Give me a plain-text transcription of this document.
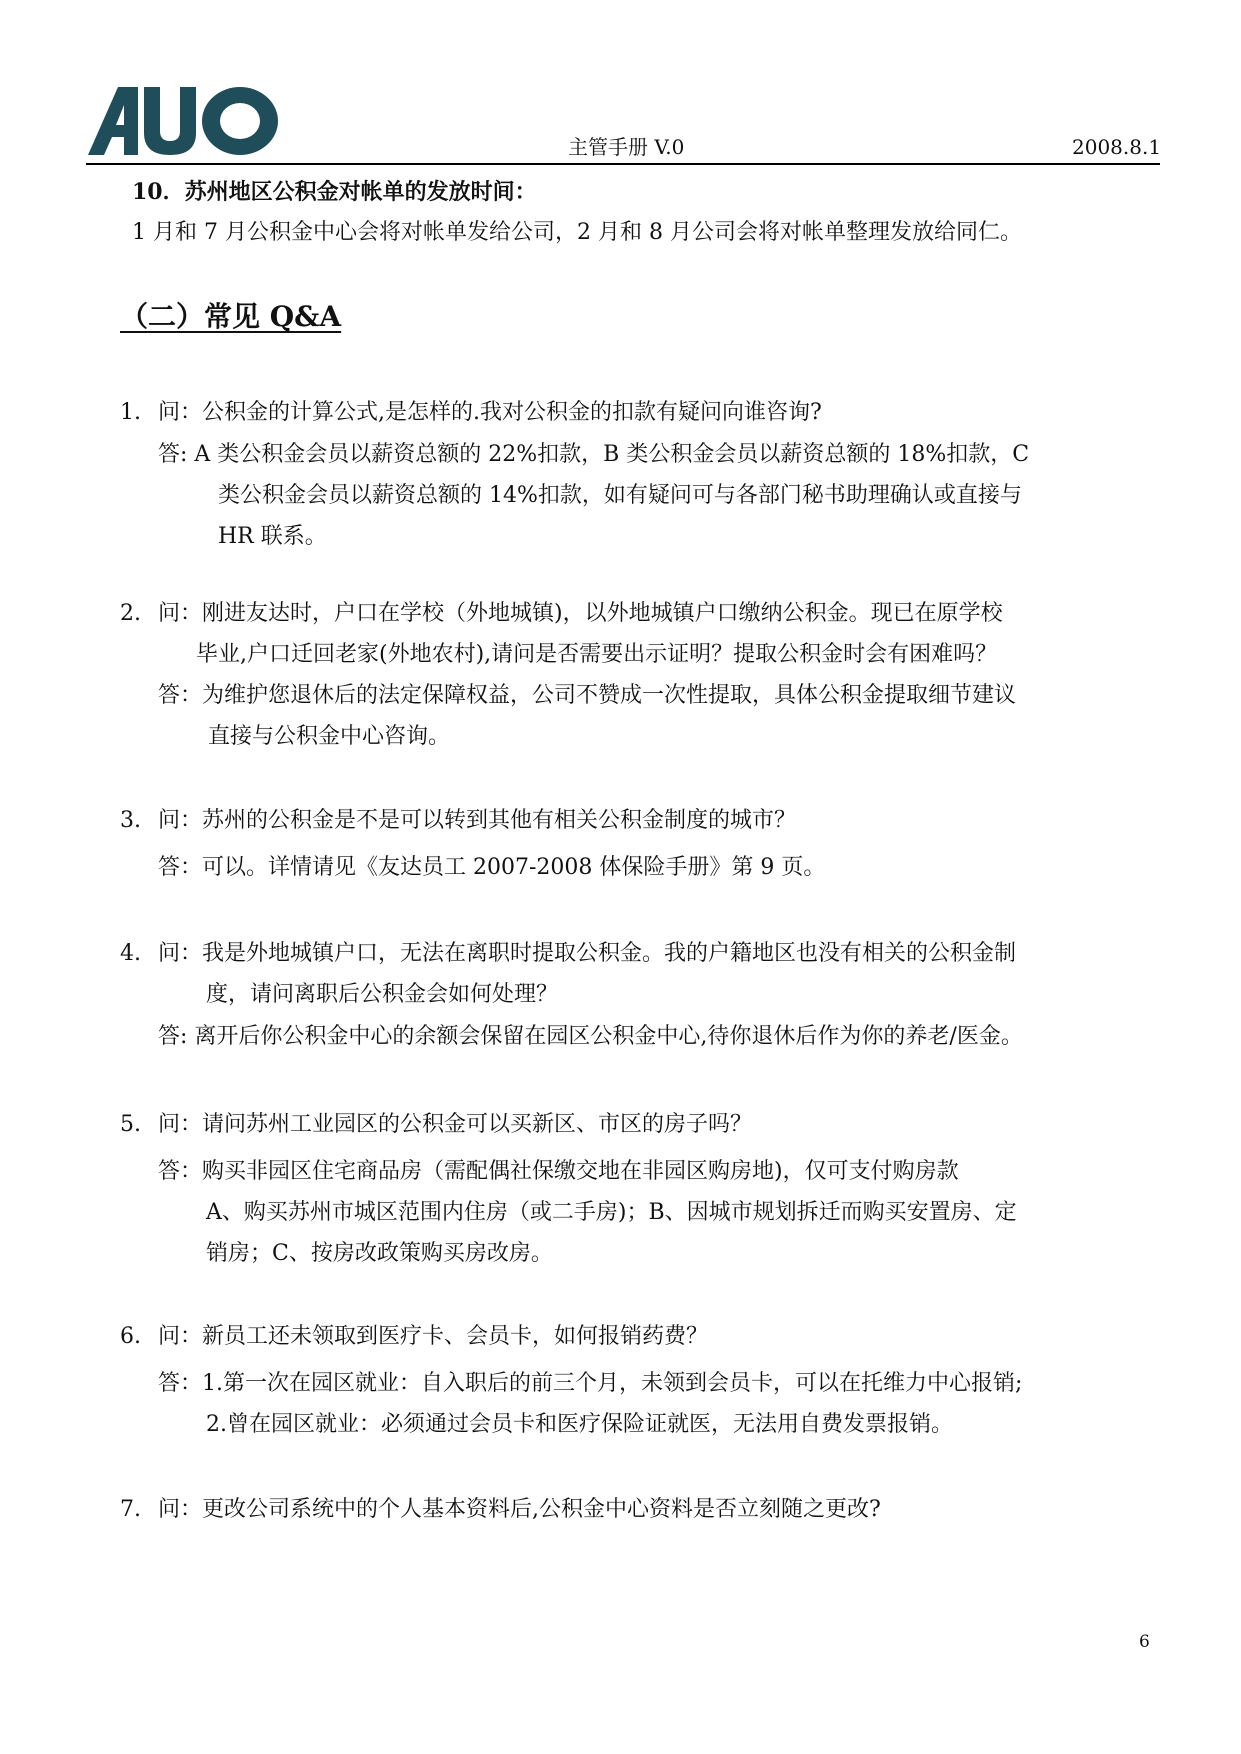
主管手册 V.0	2008.8.1
10．苏州地区公积金对帐单的发放时间：
1 月和 7 月公积金中心会将对帐单发给公司，2 月和 8 月公司会将对帐单整理发放给同仁。
（二）常见 Q&A
1. 问：公积金的计算公式,是怎样的.我对公积金的扣款有疑问向谁咨询?
答: A 类公积金会员以薪资总额的 22%扣款，B 类公积金会员以薪资总额的 18%扣款，C
类公积金会员以薪资总额的 14%扣款，如有疑问可与各部门秘书助理确认或直接与
HR 联系。
2. 问：刚进友达时，户口在学校（外地城镇)，以外地城镇户口缴纳公积金。现已在原学校
毕业,户口迁回老家(外地农村),请问是否需要出示证明？提取公积金时会有困难吗？
答：为维护您退休后的法定保障权益，公司不赞成一次性提取，具体公积金提取细节建议
直接与公积金中心咨询。
3. 问：苏州的公积金是不是可以转到其他有相关公积金制度的城市？
答：可以。详情请见《友达员工 2007-2008 体保险手册》第 9 页。
4. 问：我是外地城镇户口，无法在离职时提取公积金。我的户籍地区也没有相关的公积金制
度，请问离职后公积金会如何处理？
答: 离开后你公积金中心的余额会保留在园区公积金中心,待你退休后作为你的养老/医金。
5. 问：请问苏州工业园区的公积金可以买新区、市区的房子吗？
答：购买非园区住宅商品房（需配偶社保缴交地在非园区购房地)，仅可支付购房款
A、购买苏州市城区范围内住房（或二手房)；B、因城市规划拆迁而购买安置房、定
销房；C、按房改政策购买房改房。
6. 问：新员工还未领取到医疗卡、会员卡，如何报销药费？
答：1.第一次在园区就业：自入职后的前三个月，未领到会员卡，可以在托维力中心报销;
2.曾在园区就业：必须通过会员卡和医疗保险证就医，无法用自费发票报销。
7. 问：更改公司系统中的个人基本资料后,公积金中心资料是否立刻随之更改?
6
